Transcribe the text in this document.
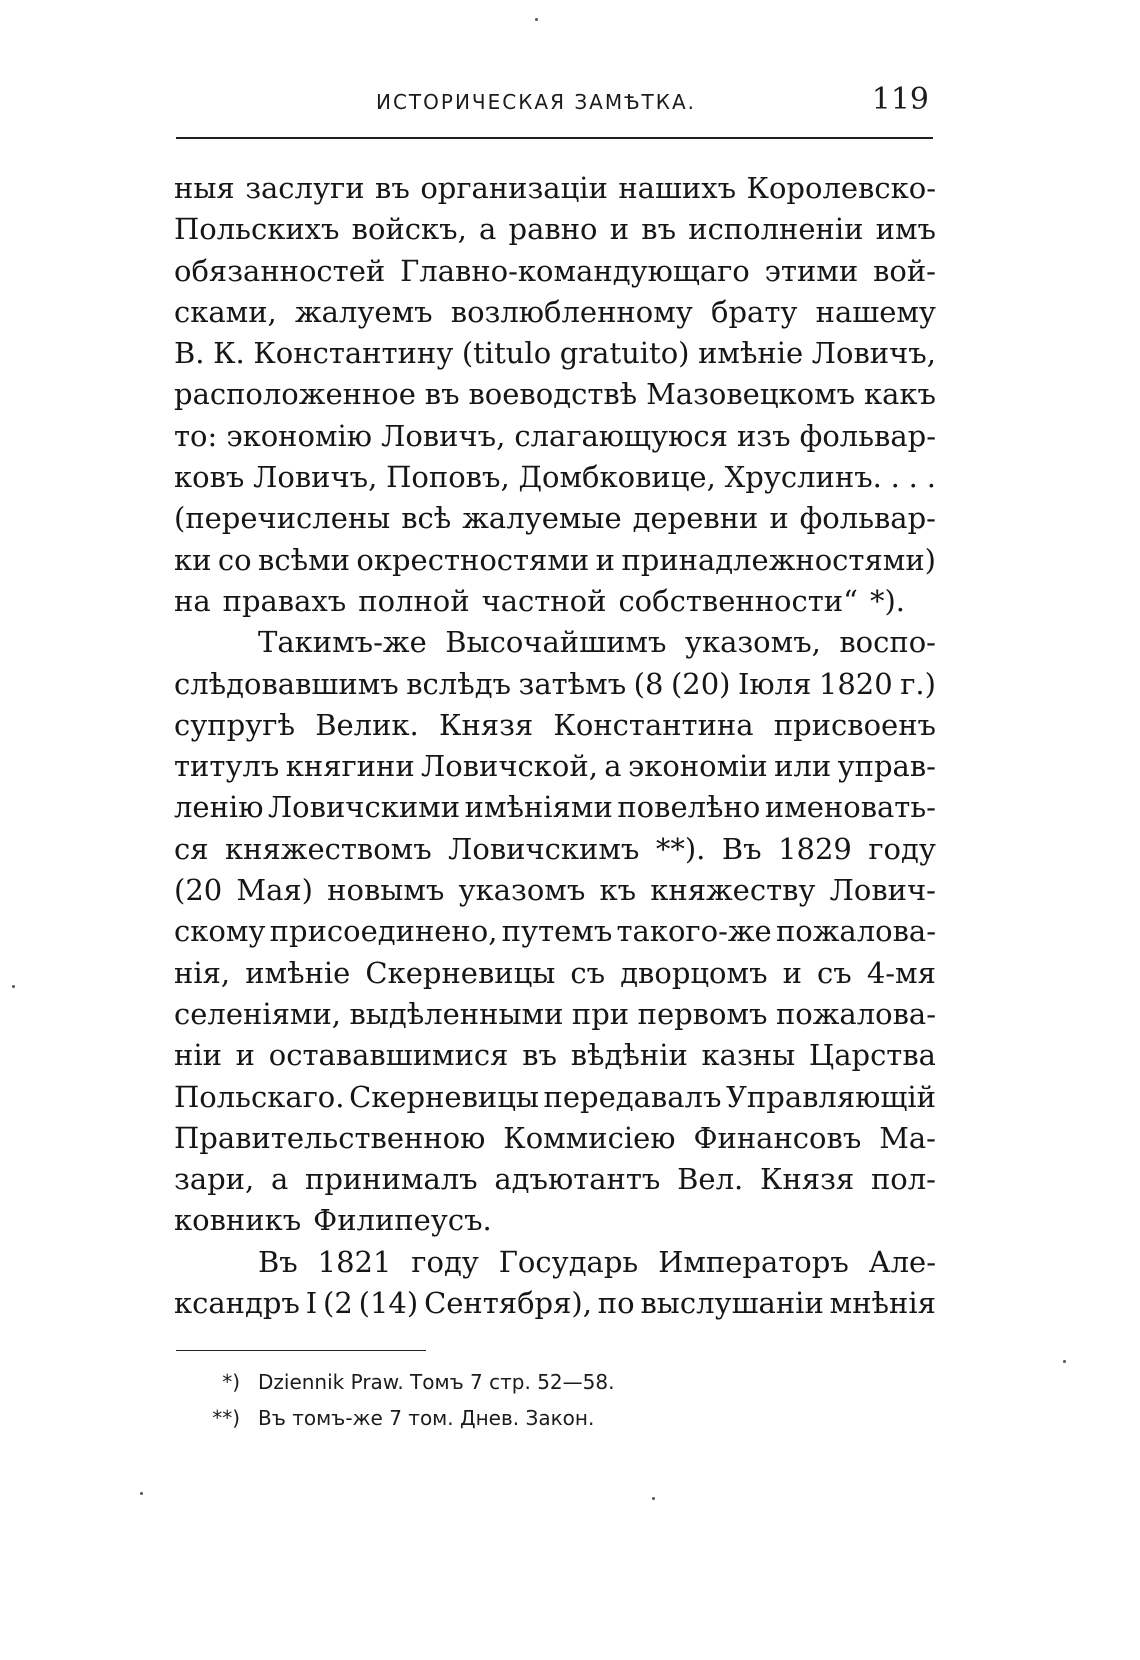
ИСТОРИЧЕСКАЯ ЗАМѢТКА.	119
ныя заслуги въ организаціи нашихъ Королевско-
Польскихъ войскъ, а равно и въ исполненіи имъ
обязанностей Главно-командующаго этими вой-
сками, жалуемъ возлюбленному брату нашему
В. К. Константину (titulo gratuito) имѣніе Ловичъ,
расположенное въ воеводствѣ Мазовецкомъ какъ
то: экономію Ловичъ, слагающуюся изъ фольвар-
ковъ Ловичъ, Поповъ, Домбковице, Хруслинъ. . . .
(перечислены всѣ жалуемые деревни и фольвар-
ки со всѣми окрестностями и принадлежностями)
на правахъ полной частной собственности“ *).
Такимъ-же Высочайшимъ указомъ, воспо-
слѣдовавшимъ вслѣдъ затѣмъ (8 (20) Іюля 1820 г.)
супругѣ Велик. Князя Константина присвоенъ
титулъ княгини Ловичской, а экономіи или управ-
ленію Ловичскими имѣніями повелѣно именовать-
ся княжествомъ Ловичскимъ **). Въ 1829 году
(20 Мая) новымъ указомъ къ княжеству Лович-
скому присоединено, путемъ такого-же пожалова-
нія, имѣніе Скерневицы съ дворцомъ и съ 4-мя
селеніями, выдѣленными при первомъ пожалова-
ніи и остававшимися въ вѣдѣніи казны Царства
Польскаго. Скерневицы передавалъ Управляющій
Правительственною Коммисіею Финансовъ Ма-
зари, а принималъ адъютантъ Вел. Князя пол-
ковникъ Филипеусъ.
Въ 1821 году Государь Императоръ Але-
ксандръ I (2 (14) Сентября), по выслушаніи мнѣнія
*) Dziennik Praw. Томъ 7 стр. 52—58.
**) Въ томъ-же 7 том. Днев. Закон.
